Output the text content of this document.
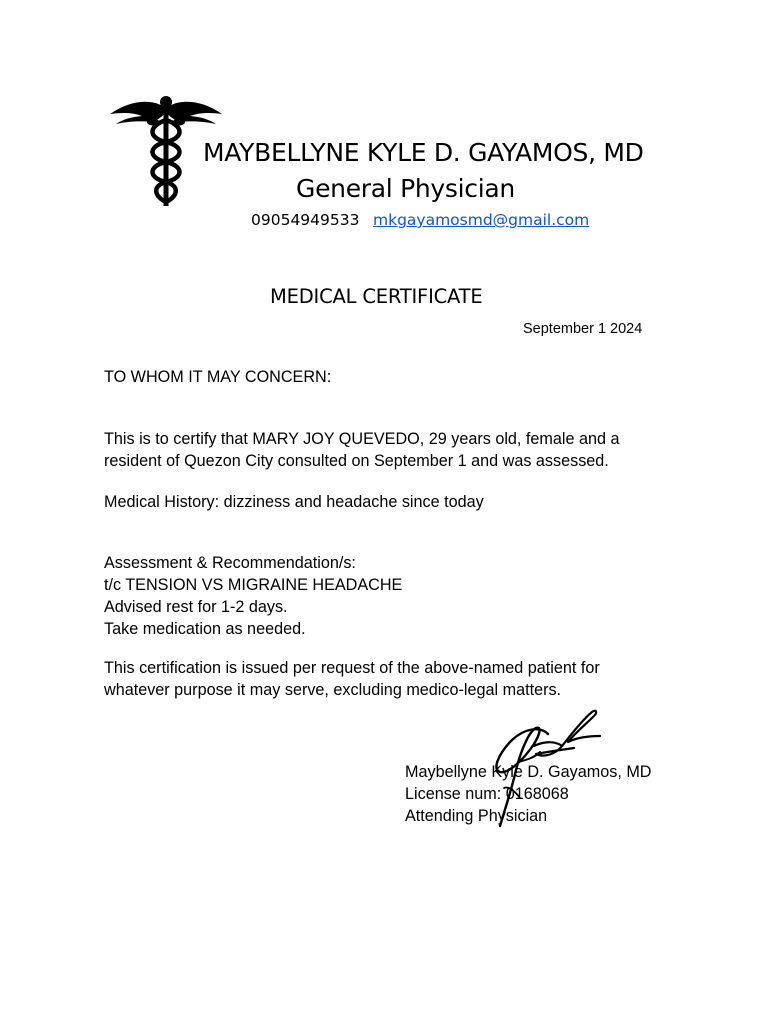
MAYBELLYNE KYLE D. GAYAMOS, MD
General Physician
09054949533 mkgayamosmd@gmail.com
MEDICAL CERTIFICATE
September 1 2024
TO WHOM IT MAY CONCERN:
This is to certify that MARY JOY QUEVEDO, 29 years old, female and a
resident of Quezon City consulted on September 1 and was assessed.
Medical History: dizziness and headache since today
Assessment & Recommendation/s:
t/c TENSION VS MIGRAINE HEADACHE
Advised rest for 1-2 days.
Take medication as needed.
This certification is issued per request of the above-named patient for
whatever purpose it may serve, excluding medico-legal matters.
Maybellyne Kyle D. Gayamos, MD
License num: 0168068
Attending Physician
